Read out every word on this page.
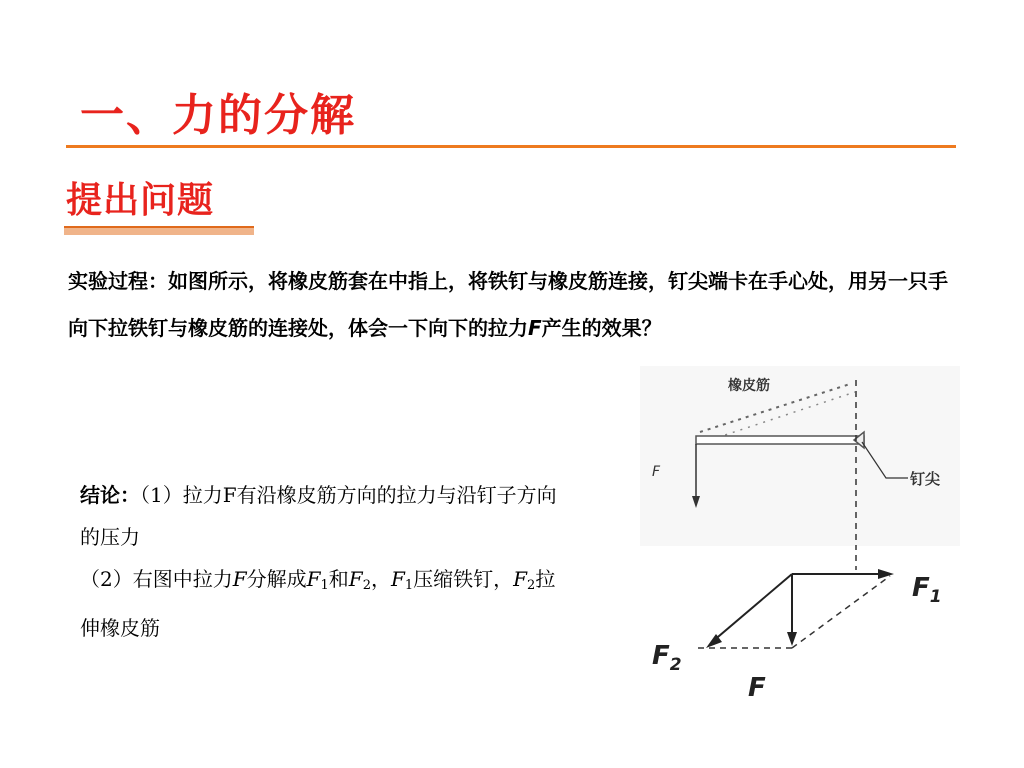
一、力的分解
提出问题
实验过程：如图所示，将橡皮筋套在中指上，将铁钉与橡皮筋连接，钉尖端卡在手心处，用另一只手向下拉铁钉与橡皮筋的连接处，体会一下向下的拉力F产生的效果？
结论：（1）拉力F有沿橡皮筋方向的拉力与沿钉子方向的压力
（2）右图中拉力F分解成$F_1$和$F_2$，$F_1$压缩铁钉，$F_2$拉伸橡皮筋
橡皮筋
钉尖
F
$F_1$
$F_2$
F
